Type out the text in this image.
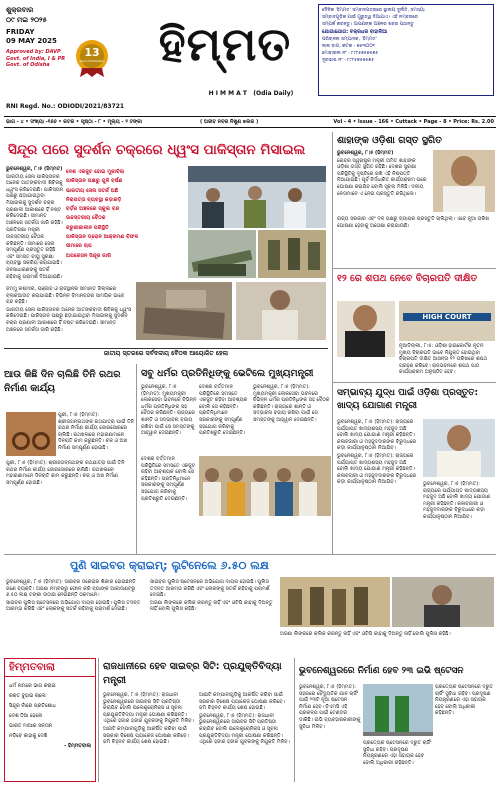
ଶୁକ୍ରବାର
୦୯ ମଇ ୨୦୨୫
FRIDAY
09 MAY 2025
Approved by: DAVP Govt. of India, I & PR Govt. of Odisha
13
Years of Publication ହିମ୍ମତ
H I M M A T   (Odia Daily)
RNI Regd. No.: ODIODI/2021/83721
ଦୈନିକ 'ହିମ୍ମତ' ସମ୍ବାଦପତ୍ରରେ ସ୍ଥାନୀୟ ଦୁର୍ନୀତି, ସମସ୍ୟା
ସମ୍ବାଦଗୁଡ଼ିକ ପାଇଁ ଗୁରୁତ୍ୱ ଦିଆଯାଏ। ଏହି ନମ୍ବରରେ
ସମ୍ପର୍କ କରନ୍ତୁ। ଆପଣଙ୍କ ଅଞ୍ଚଳର ଖବର ପଠାନ୍ତୁ
ଯୋଗାଯୋଗ: ଚକ୍ରଧର ବାହାଳିଆ
ପରିଚାଳନା ସମ୍ପାଦକ, 'ହିମ୍ମତ'
ଲାଲ ବାଗ, କଟକ - ୭୫୩୦୦୧
ମୋବାଇଲ ନଂ - ୮୯୮୫୭୫୭୫୭୫
ଦୂରଭାଷ ନଂ - ୮୯୮୫୭୫୭୫୭୫
ଭାଗ - ୪ • ସଂଖ୍ୟା -୧୬୬ • କଟକ • ପୃଷ୍ଠା - ୮ • ମୂଲ୍ୟ - ୨ ଟଙ୍କା	( ଅଜୀବ ନବର ନିଖୁଣ ଝଲକ )	Vol - 4 • Issue - 166 • Cuttack • Page - 8 • Price: Rs. 2.00
ସିନ୍ଦୂର ପରେ ସୁଦର୍ଶନ ଚକ୍ରରେ ଧ୍ୱଂସ ପାକିସ୍ତାନ ମିସାଇଲ

ଭୁବନେଶ୍ୱର, ୮।୫ (ହିମ୍ମତ)

ଭାରତୀୟ ସେନା ପାକିସ୍ତାନର ଅନେକ ଆତଙ୍କବାଦୀ ଶିବିରକୁ ଧ୍ୱଂସ କରିଦେଇଛି। ପାକିସ୍ତାନ ପକ୍ଷରୁ ଛଡ଼ାଯାଇଥିବା ମିସାଇଲକୁ ସୁଦର୍ଶନ ଚକ୍ର ପ୍ରଣାଳୀ ଆକାଶରେ ହିଁ ନଷ୍ଟ କରିଦେଇଛି। ସୀମାନ୍ତ ଅଞ୍ଚଳରେ ସତର୍କତା ଜାରି ରହିଛି।

ପ୍ରତିରକ୍ଷା ମନ୍ତ୍ରୀ ଉଚ୍ଚସ୍ତରୀୟ ବୈଠକ କରିଛନ୍ତି। ସୀମାରେ ସେନା ସମ୍ପୂର୍ଣ୍ଣ ପ୍ରସ୍ତୁତ ରହିଛି ଏବଂ ସମସ୍ତ ବାୟୁ ସୁରକ୍ଷା ବ୍ୟବସ୍ଥା ସକ୍ରିୟ କରାଯାଇଛି। ଜନସାଧାରଣଙ୍କୁ ସତର୍କ ରହିବାକୁ ପରାମର୍ଶ ଦିଆଯାଇଛି।

ଦେଶ ଏକଜୁଟ ହୋଇ ମୁକାବିଲା
ପାକିସ୍ତାନ ପକ୍ଷରୁ ଗୁଳି ବର୍ଷଣ
ଭାରତୀୟ ସେନା ସତର୍କ ଅଛି
ନିରାପତ୍ତା ବ୍ୟବସ୍ଥା କଡ଼ାକଡ଼ି
ବର୍ଡ଼ର ଅଞ୍ଚଳରେ ସ୍କୁଲ ବନ୍ଦ
ଉଚ୍ଚସ୍ତରୀୟ ବୈଠକ
ଜରୁରୀକାଳୀନ ପରିସ୍ଥିତି
ପାକିସ୍ତାନ ଡ୍ରୋନ ଆକ୍ରମଣ ବିଫଳ
ସୀମାରେ ଚାପ
ଅପରେସନ ସିନ୍ଦୂର ଜାରି

ଜମ୍ମୁ କଶ୍ମୀର, ପଞ୍ଜାବ ଓ ରାଜସ୍ଥାନର ସୀମାନ୍ତ ଜିଲ୍ଲାରେ ବ୍ଲାକଆଉଟ କରାଯାଇଛି। ବିଭିନ୍ନ ବିମାନବନ୍ଦର ସାମୟିକ ଭାବେ ବନ୍ଦ ରହିଛି।

ଭାରତୀୟ ସେନା ପାକିସ୍ତାନର ଅନେକ ଆତଙ୍କବାଦୀ ଶିବିରକୁ ଧ୍ୱଂସ କରିଦେଇଛି। ପାକିସ୍ତାନ ପକ୍ଷରୁ ଛଡ଼ାଯାଇଥିବା ମିସାଇଲକୁ ସୁଦର୍ଶନ ଚକ୍ର ପ୍ରଣାଳୀ ଆକାଶରେ ହିଁ ନଷ୍ଟ କରିଦେଇଛି। ସୀମାନ୍ତ ଅଞ୍ଚଳରେ ସତର୍କତା ଜାରି ରହିଛି।

ଜାତୀୟ ସ୍ତରରେ ସର୍ବଦଳୀୟ ବୈଠକ ଆୟୋଜିତ ହେଲା
ଶାହାଙ୍କ ଓଡ଼ିଶା ଗସ୍ତ ସ୍ଥଗିତ

ଭୁବନେଶ୍ୱର, ୮।୫ (ହିମ୍ମତ)

କେନ୍ଦ୍ର ସ୍ୱରାଷ୍ଟ୍ର ମନ୍ତ୍ରୀ ଅମିତ ଶାହାଙ୍କ ଓଡ଼ିଶା ଗସ୍ତ ସ୍ଥଗିତ ରହିଛି। ଦେଶର ସୁରକ୍ଷା ପରିସ୍ଥିତିକୁ ଦୃଷ୍ଟିରେ ରଖି ଏହି ନିଷ୍ପତ୍ତି ନିଆଯାଇଛି। ପୂର୍ବ ନିର୍ଦ୍ଧାରିତ କାର୍ଯ୍ୟକ୍ରମ ପରେ ଘୋଷଣା କରାଯିବ ବୋଲି ସୂଚନା ମିଳିଛି। ଦଳୀୟ ନେତାମାନେ ଏ ନେଇ ପ୍ରସ୍ତୁତି କରିଥିଲେ।

ରାଜ୍ୟ ସରକାର ଏବଂ ଦଳ ପକ୍ଷରୁ ବ୍ୟାପକ ପ୍ରସ୍ତୁତି ଚାଲିଥିଲା। ଏବେ ନୂଆ ତାରିଖ ଘୋଷଣା ହେବାକୁ ଅପେକ୍ଷା କରାଯାଉଛି।

୧୨ ରେ ଶପଥ ନେବେ ବିଚାରପତି ଦୀକ୍ଷିତ
HIGH COURT

ନୂଆଦିଲ୍ଲୀ, ୮।୫: ଓଡ଼ିଶା ହାଇକୋର୍ଟର ନୂତନ ମୁଖ୍ୟ ବିଚାରପତି ଭାବେ ନିଯୁକ୍ତ ହୋଇଥିବା ବିଚାରପତି ଦୀକ୍ଷିତ ଆସନ୍ତା ୧୨ ତାରିଖରେ ଶପଥ ଗ୍ରହଣ କରିବେ। ରାଜଭବନରେ ଶପଥ ପାଠ କାର୍ଯ୍ୟକ୍ରମ ଅନୁଷ୍ଠିତ ହେବ।

ଆଉ କିଛି ଦିନ ଚାଲିଛି ତିନି ରଥର ନିର୍ମାଣ କାର୍ଯ୍ୟ

ପୁରୀ, ୮।୫ (ହିମ୍ମତ): ଶ୍ରୀଜଗନ୍ନାଥଙ୍କ ରଥଯାତ୍ରା ପାଇଁ ତିନି ରଥର ନିର୍ମାଣ କାର୍ଯ୍ୟ ଜୋରସୋରରେ ଚାଲିଛି। ରଥଖଳାରେ ମହାରଣାମାନେ ଦିନରାତି କାମ କରୁଛନ୍ତି। ଚକ ଓ ଅଖ ନିର୍ମାଣ ସମ୍ପୂର୍ଣ୍ଣ ହୋଇଛି।

ପୁରୀ, ୮।୫ (ହିମ୍ମତ): ଶ୍ରୀଜଗନ୍ନାଥଙ୍କ ରଥଯାତ୍ରା ପାଇଁ ତିନି ରଥର ନିର୍ମାଣ କାର୍ଯ୍ୟ ଜୋରସୋରରେ ଚାଲିଛି। ରଥଖଳାରେ ମହାରଣାମାନେ ଦିନରାତି କାମ କରୁଛନ୍ତି। ଚକ ଓ ଅଖ ନିର୍ମାଣ ସମ୍ପୂର୍ଣ୍ଣ ହୋଇଛି।

ସବୁ ଧର୍ମର ପ୍ରତିନିଧିଙ୍କୁ ଭେଟିଲେ ମୁଖ୍ୟମନ୍ତ୍ରୀ

ଭୁବନେଶ୍ୱର, ୮।୫ (ହିମ୍ମତ): ମୁଖ୍ୟମନ୍ତ୍ରୀ ଲୋକସେବା ଭବନରେ ବିଭିନ୍ନ ଧର୍ମର ପ୍ରତିନିଧିଙ୍କ ସହ ବୈଠକ କରିଛନ୍ତି। ରାଜ୍ୟରେ ଶାନ୍ତି ଓ ସଦ୍ଭାବନା ବଜାୟ ରଖିବା ପାଇଁ ସେ ସମସ୍ତଙ୍କୁ ଆହ୍ୱାନ ଦେଇଛନ୍ତି।

ଦେଶର ବର୍ତ୍ତମାନ ପରିସ୍ଥିତିରେ ସମସ୍ତେ ଏକଜୁଟ ରହିବା ଆବଶ୍ୟକ ବୋଲି ସେ କହିଛନ୍ତି। ପ୍ରତିନିଧିମାନେ ସରକାରଙ୍କୁ ସମ୍ପୂର୍ଣ୍ଣ ସହଯୋଗ କରିବାକୁ ପ୍ରତିଶ୍ରୁତି ଦେଇଛନ୍ତି।

ଭୁବନେଶ୍ୱର, ୮।୫ (ହିମ୍ମତ): ମୁଖ୍ୟମନ୍ତ୍ରୀ ଲୋକସେବା ଭବନରେ ବିଭିନ୍ନ ଧର୍ମର ପ୍ରତିନିଧିଙ୍କ ସହ ବୈଠକ କରିଛନ୍ତି। ରାଜ୍ୟରେ ଶାନ୍ତି ଓ ସଦ୍ଭାବନା ବଜାୟ ରଖିବା ପାଇଁ ସେ ସମସ୍ତଙ୍କୁ ଆହ୍ୱାନ ଦେଇଛନ୍ତି।

ଦେଶର ବର୍ତ୍ତମାନ ପରିସ୍ଥିତିରେ ସମସ୍ତେ ଏକଜୁଟ ରହିବା ଆବଶ୍ୟକ ବୋଲି ସେ କହିଛନ୍ତି। ପ୍ରତିନିଧିମାନେ ସରକାରଙ୍କୁ ସମ୍ପୂର୍ଣ୍ଣ ସହଯୋଗ କରିବାକୁ ପ୍ରତିଶ୍ରୁତି ଦେଇଛନ୍ତି।

ସମ୍ଭାବ୍ୟ ଯୁଦ୍ଧ ପାଇଁ ଓଡ଼ିଶା ପ୍ରସ୍ତୁତ: ଖାଦ୍ୟ ଯୋଗାଣ ମନ୍ତ୍ରୀ

ଭୁବନେଶ୍ୱର, ୮।୫ (ହିମ୍ମତ): ରାଜ୍ୟରେ ପର୍ଯ୍ୟାପ୍ତ ଖାଦ୍ୟଶସ୍ୟ ମହଜୁଦ ଅଛି ବୋଲି ଖାଦ୍ୟ ଯୋଗାଣ ମନ୍ତ୍ରୀ କହିଛନ୍ତି। କଳାବଜାରୀ ଓ ମହଜୁଦଦାରଙ୍କ ବିରୁଦ୍ଧରେ କଡ଼ା କାର୍ଯ୍ୟାନୁଷ୍ଠାନ ନିଆଯିବ।

ଭୁବନେଶ୍ୱର, ୮।୫ (ହିମ୍ମତ): ରାଜ୍ୟରେ ପର୍ଯ୍ୟାପ୍ତ ଖାଦ୍ୟଶସ୍ୟ ମହଜୁଦ ଅଛି ବୋଲି ଖାଦ୍ୟ ଯୋଗାଣ ମନ୍ତ୍ରୀ କହିଛନ୍ତି। କଳାବଜାରୀ ଓ ମହଜୁଦଦାରଙ୍କ ବିରୁଦ୍ଧରେ କଡ଼ା କାର୍ଯ୍ୟାନୁଷ୍ଠାନ ନିଆଯିବ।	ଭୁବନେଶ୍ୱର, ୮।୫ (ହିମ୍ମତ): ରାଜ୍ୟରେ ପର୍ଯ୍ୟାପ୍ତ ଖାଦ୍ୟଶସ୍ୟ ମହଜୁଦ ଅଛି ବୋଲି ଖାଦ୍ୟ ଯୋଗାଣ ମନ୍ତ୍ରୀ କହିଛନ୍ତି। କଳାବଜାରୀ ଓ ମହଜୁଦଦାରଙ୍କ ବିରୁଦ୍ଧରେ କଡ଼ା କାର୍ଯ୍ୟାନୁଷ୍ଠାନ ନିଆଯିବ।

ପୁଣି ସାଇବର କ୍ରାଇମ୍; ଲୁଟିନେଲେ ୬.୫୦ ଲକ୍ଷ

ଭୁବନେଶ୍ୱର, ୮।୫ (ହିମ୍ମତ): ସାଇବର ଠକେଇର ଶିକାର ହୋଇଛନ୍ତି ଜଣେ ବ୍ୟକ୍ତି। ଅଜଣା ନମ୍ବରରୁ ଫୋନ କରି ବ୍ୟାଙ୍କ ଆକାଉଣ୍ଟରୁ ୬.୫୦ ଲକ୍ଷ ଟଙ୍କା ଉଠାଇ ନେଇଛନ୍ତି ଠକମାନେ।

ସାଇବର ପୁଲିସ ଷ୍ଟେସନରେ ଅଭିଯୋଗ ଦାୟର ହୋଇଛି। ପୁଲିସ ତଦନ୍ତ ଆରମ୍ଭ କରିଛି ଏବଂ ଲୋକଙ୍କୁ ସତର୍କ ରହିବାକୁ ପରାମର୍ଶ ଦେଇଛି।

ସାଇବର ପୁଲିସ ଷ୍ଟେସନରେ ଅଭିଯୋଗ ଦାୟର ହୋଇଛି। ପୁଲିସ ତଦନ୍ତ ଆରମ୍ଭ କରିଛି ଏବଂ ଲୋକଙ୍କୁ ସତର୍କ ରହିବାକୁ ପରାମର୍ଶ ଦେଇଛି।

ଅଜଣା ଲିଙ୍କରେ କ୍ଲିକ କରନ୍ତୁ ନାହିଁ ଏବଂ ଓଟିପି କାହାକୁ ଦିଅନ୍ତୁ ନାହିଁ ବୋଲି ପୁଲିସ କହିଛି।

ଅଜଣା ଲିଙ୍କରେ କ୍ଲିକ କରନ୍ତୁ ନାହିଁ ଏବଂ ଓଟିପି କାହାକୁ ଦିଅନ୍ତୁ ନାହିଁ ବୋଲି ପୁଲିସ କହିଛି।

ହିମ୍ମତବାଲା
ଧର୍ମ ନାମରେ ଭାଗ କରାଇ
ରକ୍ତ ବୁହାଇ ଚାଲେ
ସିନ୍ଦୂର ନାଁରେ ପ୍ରତିଶୋଧ
ଦେଶ ଠିଆ ହେଲେ
ଭାରତ ମାଆର ସନ୍ତାନ
ନଡ଼ିବେ କାହାକୁ ଦେଖି
- ହିମ୍ମତବାଲା
ରାଜଧାନୀରେ ହେବ ସାଇବ୍ର ସିଟି: ପ୍ରଯୁକ୍ତିବିଦ୍ୟା ମନ୍ତ୍ରୀ

ଭୁବନେଶ୍ୱର, ୮।୫ (ହିମ୍ମତ): ରାଜଧାନୀ ଭୁବନେଶ୍ୱରରେ ସାଇବର ସିଟି ପ୍ରତିଷ୍ଠା କରାଯିବ ବୋଲି ଇଲେକ୍ଟ୍ରୋନିକ୍ସ ଓ ସୂଚନା ପ୍ରଯୁକ୍ତିବିଦ୍ୟା ମନ୍ତ୍ରୀ ଘୋଷଣା କରିଛନ୍ତି। ଏଥିରେ ହଜାର ହଜାର ଯୁବକଙ୍କୁ ନିଯୁକ୍ତି ମିଳିବ।

ଆଇଟି କମ୍ପାନୀଗୁଡ଼ିକୁ ଆକର୍ଷିତ କରିବା ପାଇଁ ସରକାର ବିଶେଷ ପ୍ୟାକେଜ ଘୋଷଣା କରିବେ। ଜମି ଚିହ୍ନଟ କାର୍ଯ୍ୟ ଶେଷ ହୋଇଛି।

ଆଇଟି କମ୍ପାନୀଗୁଡ଼ିକୁ ଆକର୍ଷିତ କରିବା ପାଇଁ ସରକାର ବିଶେଷ ପ୍ୟାକେଜ ଘୋଷଣା କରିବେ। ଜମି ଚିହ୍ନଟ କାର୍ଯ୍ୟ ଶେଷ ହୋଇଛି।

ଭୁବନେଶ୍ୱର, ୮।୫ (ହିମ୍ମତ): ରାଜଧାନୀ ଭୁବନେଶ୍ୱରରେ ସାଇବର ସିଟି ପ୍ରତିଷ୍ଠା କରାଯିବ ବୋଲି ଇଲେକ୍ଟ୍ରୋନିକ୍ସ ଓ ସୂଚନା ପ୍ରଯୁକ୍ତିବିଦ୍ୟା ମନ୍ତ୍ରୀ ଘୋଷଣା କରିଛନ୍ତି। ଏଥିରେ ହଜାର ହଜାର ଯୁବକଙ୍କୁ ନିଯୁକ୍ତି ମିଳିବ।

ଭୁବନେଶ୍ୱରରେ ନିର୍ମାଣ ହେବ ୨୩ ଇଭି ଷ୍ଟେସନ

ଭୁବନେଶ୍ୱର, ୮।୫ (ହିମ୍ମତ): ସହରରେ ବୈଦ୍ୟୁତିକ ଯାନ ଚାର୍ଜିଂ ପାଇଁ ୨୩ଟି ନୂଆ ଷ୍ଟେସନ ନିର୍ମାଣ ହେବ। ବିଏମସି ଏହି ପ୍ରକଳ୍ପ ପାଇଁ ଟେଣ୍ଡର ଡାକିଛି। ଇଭି ବ୍ୟବହାରକାରୀଙ୍କୁ ସୁବିଧା ମିଳିବ।

ପ୍ରତ୍ୟେକ ଷ୍ଟେସନରେ ଦ୍ରୁତ ଚାର୍ଜିଂ ସୁବିଧା ରହିବ। ପ୍ରଦୂଷଣ ନିୟନ୍ତ୍ରଣରେ ଏହା ସହାୟକ ହେବ ବୋଲି ଅଧିକାରୀ କହିଛନ୍ତି।

ପ୍ରତ୍ୟେକ ଷ୍ଟେସନରେ ଦ୍ରୁତ ଚାର୍ଜିଂ ସୁବିଧା ରହିବ। ପ୍ରଦୂଷଣ ନିୟନ୍ତ୍ରଣରେ ଏହା ସହାୟକ ହେବ ବୋଲି ଅଧିକାରୀ କହିଛନ୍ତି।
